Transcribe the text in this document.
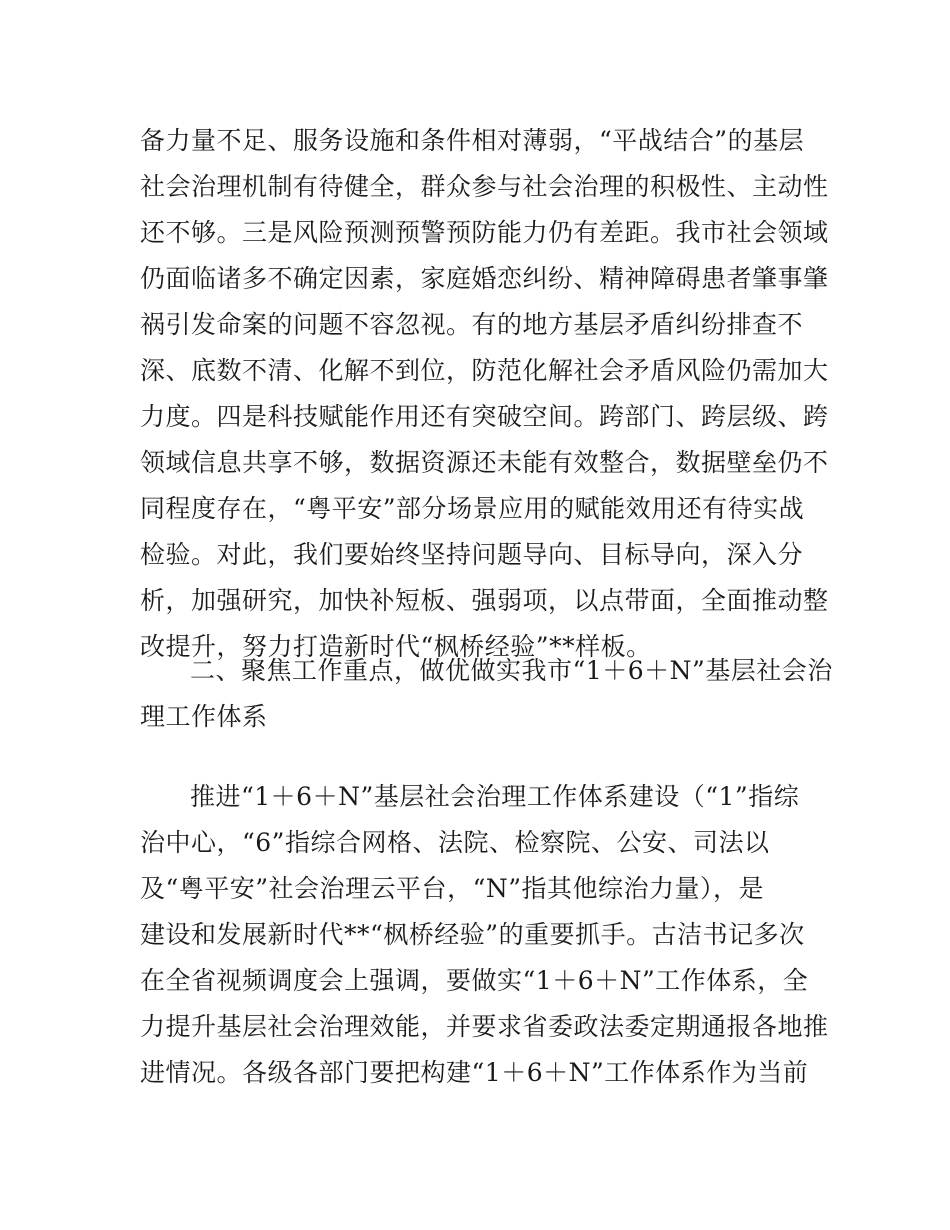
备力量不足、服务设施和条件相对薄弱，“平战结合”的基层
社会治理机制有待健全，群众参与社会治理的积极性、主动性
还不够。三是风险预测预警预防能力仍有差距。我市社会领域
仍面临诸多不确定因素，家庭婚恋纠纷、精神障碍患者肇事肇
祸引发命案的问题不容忽视。有的地方基层矛盾纠纷排查不
深、底数不清、化解不到位，防范化解社会矛盾风险仍需加大
力度。四是科技赋能作用还有突破空间。跨部门、跨层级、跨
领域信息共享不够，数据资源还未能有效整合，数据壁垒仍不
同程度存在，“粤平安”部分场景应用的赋能效用还有待实战
检验。对此，我们要始终坚持问题导向、目标导向，深入分
析，加强研究，加快补短板、强弱项，以点带面，全面推动整
改提升，努力打造新时代“枫桥经验”**样板。
二、聚焦工作重点，做优做实我市“1＋6＋N”基层社会治
理工作体系
推进“1＋6＋N”基层社会治理工作体系建设（“1”指综
治中心，“6”指综合网格、法院、检察院、公安、司法以
及“粤平安”社会治理云平台，“N”指其他综治力量），是
建设和发展新时代**“枫桥经验”的重要抓手。古洁书记多次
在全省视频调度会上强调，要做实“1＋6＋N”工作体系，全
力提升基层社会治理效能，并要求省委政法委定期通报各地推
进情况。各级各部门要把构建“1＋6＋N”工作体系作为当前
